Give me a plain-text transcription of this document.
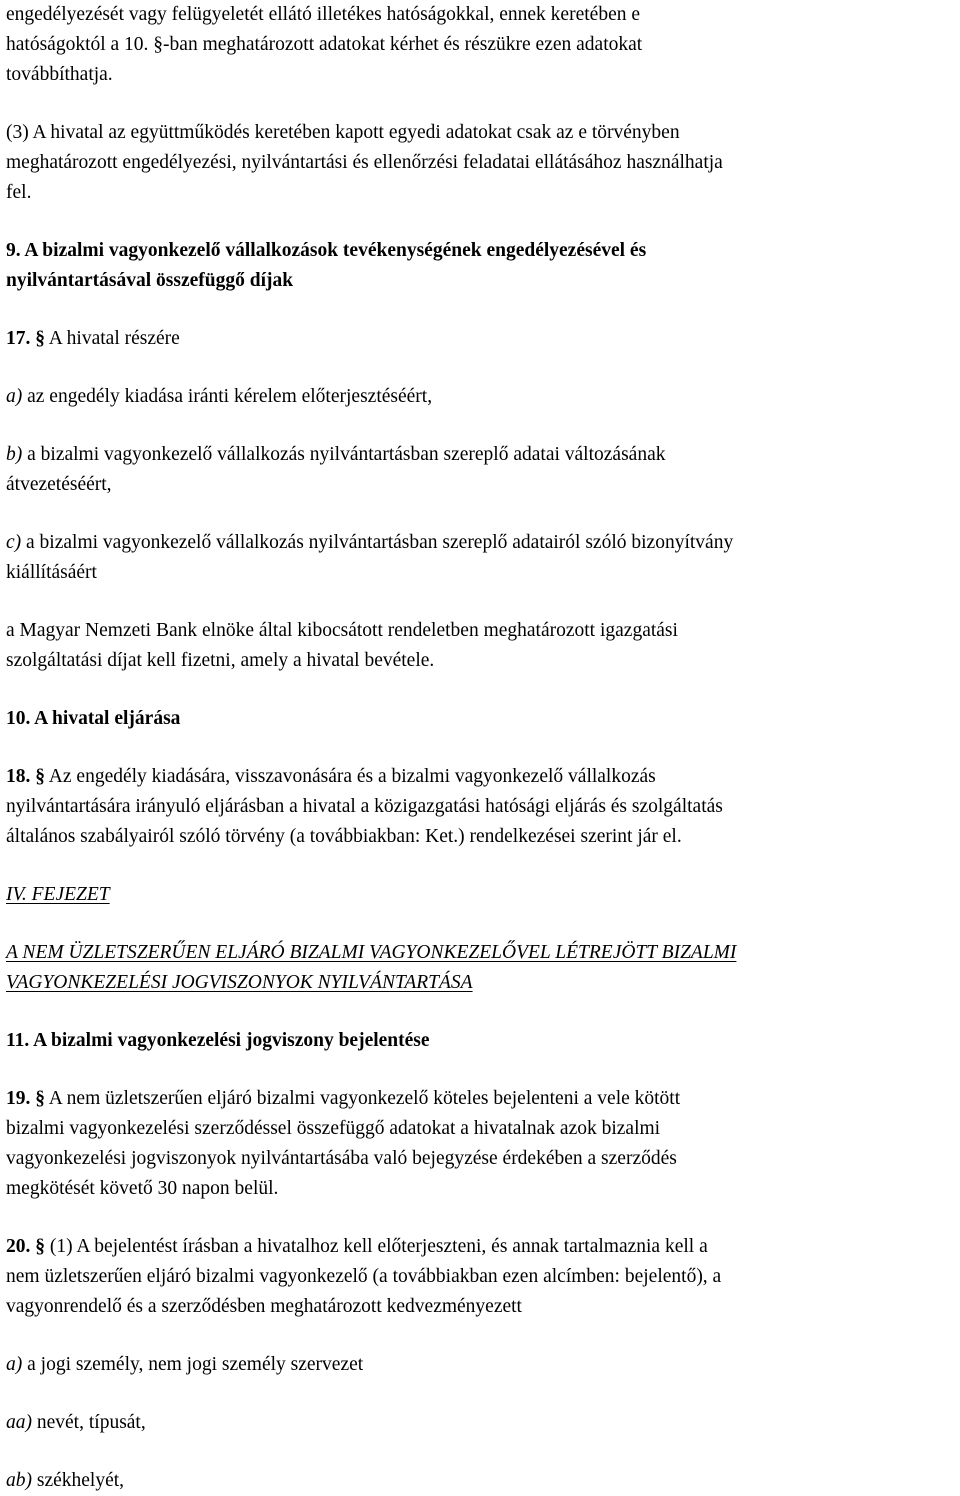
engedélyezését vagy felügyeletét ellátó illetékes hatóságokkal, ennek keretében e

hatóságoktól a 10. §-ban meghatározott adatokat kérhet és részükre ezen adatokat

továbbíthatja.

(3) A hivatal az együttműködés keretében kapott egyedi adatokat csak az e törvényben

meghatározott engedélyezési, nyilvántartási és ellenőrzési feladatai ellátásához használhatja

fel.

9. A bizalmi vagyonkezelő vállalkozások tevékenységének engedélyezésével és

nyilvántartásával összefüggő díjak

17. § A hivatal részére

a) az engedély kiadása iránti kérelem előterjesztéséért,

b) a bizalmi vagyonkezelő vállalkozás nyilvántartásban szereplő adatai változásának

átvezetéséért,

c) a bizalmi vagyonkezelő vállalkozás nyilvántartásban szereplő adatairól szóló bizonyítvány

kiállításáért

a Magyar Nemzeti Bank elnöke által kibocsátott rendeletben meghatározott igazgatási

szolgáltatási díjat kell fizetni, amely a hivatal bevétele.

10. A hivatal eljárása

18. § Az engedély kiadására, visszavonására és a bizalmi vagyonkezelő vállalkozás

nyilvántartására irányuló eljárásban a hivatal a közigazgatási hatósági eljárás és szolgáltatás

általános szabályairól szóló törvény (a továbbiakban: Ket.) rendelkezései szerint jár el.

IV. FEJEZET

A NEM ÜZLETSZERŰEN ELJÁRÓ BIZALMI VAGYONKEZELŐVEL LÉTREJÖTT BIZALMI

VAGYONKEZELÉSI JOGVISZONYOK NYILVÁNTARTÁSA

11. A bizalmi vagyonkezelési jogviszony bejelentése

19. § A nem üzletszerűen eljáró bizalmi vagyonkezelő köteles bejelenteni a vele kötött

bizalmi vagyonkezelési szerződéssel összefüggő adatokat a hivatalnak azok bizalmi

vagyonkezelési jogviszonyok nyilvántartásába való bejegyzése érdekében a szerződés

megkötését követő 30 napon belül.

20. § (1) A bejelentést írásban a hivatalhoz kell előterjeszteni, és annak tartalmaznia kell a

nem üzletszerűen eljáró bizalmi vagyonkezelő (a továbbiakban ezen alcímben: bejelentő), a

vagyonrendelő és a szerződésben meghatározott kedvezményezett

a) a jogi személy, nem jogi személy szervezet

aa) nevét, típusát,

ab) székhelyét,
